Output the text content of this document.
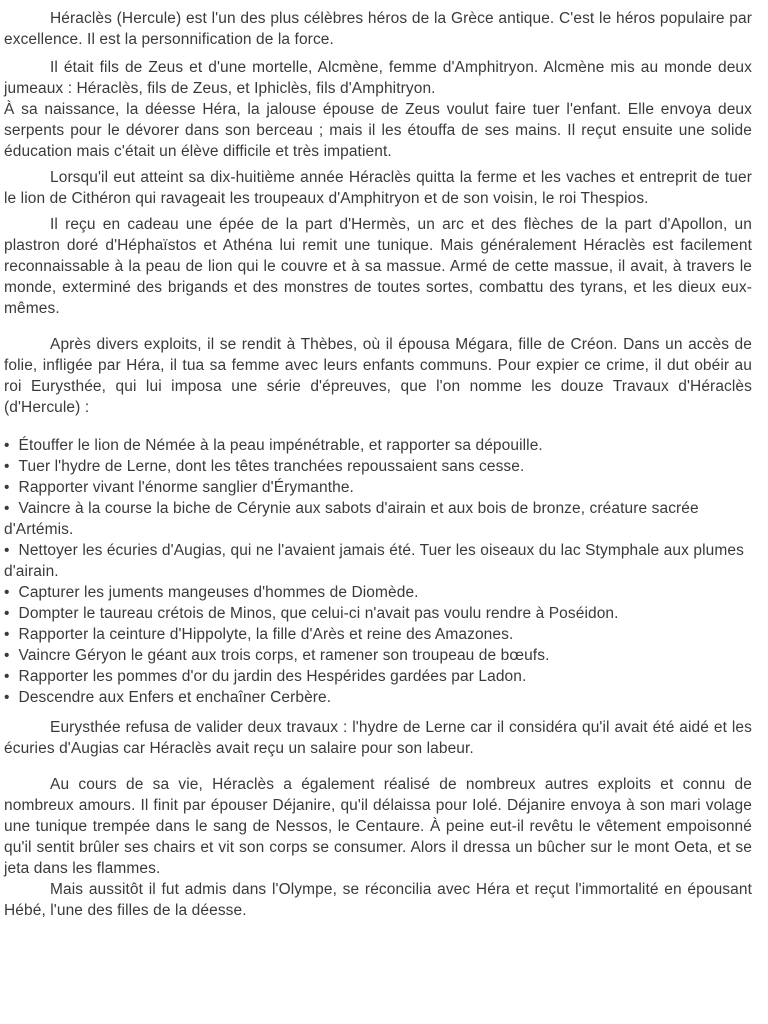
Héraclès (Hercule) est l'un des plus célèbres héros de la Grèce antique. C'est le héros populaire par excellence. Il est la personnification de la force.

Il était fils de Zeus et d'une mortelle, Alcmène, femme d'Amphitryon. Alcmène mis au monde deux jumeaux : Héraclès, fils de Zeus, et Iphiclès, fils d'Amphitryon.

À sa naissance, la déesse Héra, la jalouse épouse de Zeus voulut faire tuer l'enfant. Elle envoya deux serpents pour le dévorer dans son berceau ; mais il les étouffa de ses mains. Il reçut ensuite une solide éducation mais c'était un élève difficile et très impatient.

Lorsqu'il eut atteint sa dix-huitième année Héraclès quitta la ferme et les vaches et entreprit de tuer le lion de Cithéron qui ravageait les troupeaux d'Amphitryon et de son voisin, le roi Thespios.

Il reçu en cadeau une épée de la part d'Hermès, un arc et des flèches de la part d'Apollon, un plastron doré d'Héphaïstos et Athéna lui remit une tunique. Mais généralement Héraclès est facilement reconnaissable à la peau de lion qui le couvre et à sa massue. Armé de cette massue, il avait, à travers le monde, exterminé des brigands et des monstres de toutes sortes, combattu des tyrans, et les dieux eux-mêmes.

Après divers exploits, il se rendit à Thèbes, où il épousa Mégara, fille de Créon. Dans un accès de folie, infligée par Héra, il tua sa femme avec leurs enfants communs. Pour expier ce crime, il dut obéir au roi Eurysthée, qui lui imposa une série d'épreuves, que l'on nomme les douze Travaux d'Héraclès (d'Hercule) :

• Étouffer le lion de Némée à la peau impénétrable, et rapporter sa dépouille.

• Tuer l'hydre de Lerne, dont les têtes tranchées repoussaient sans cesse.

• Rapporter vivant l'énorme sanglier d'Érymanthe.

• Vaincre à la course la biche de Cérynie aux sabots d'airain et aux bois de bronze, créature sacrée d'Artémis.

• Nettoyer les écuries d'Augias, qui ne l'avaient jamais été. Tuer les oiseaux du lac Stymphale aux plumes d'airain.

• Capturer les juments mangeuses d'hommes de Diomède.

• Dompter le taureau crétois de Minos, que celui-ci n'avait pas voulu rendre à Poséidon.

• Rapporter la ceinture d'Hippolyte, la fille d'Arès et reine des Amazones.

• Vaincre Géryon le géant aux trois corps, et ramener son troupeau de bœufs.

• Rapporter les pommes d'or du jardin des Hespérides gardées par Ladon.

• Descendre aux Enfers et enchaîner Cerbère.

Eurysthée refusa de valider deux travaux : l'hydre de Lerne car il considéra qu'il avait été aidé et les écuries d'Augias car Héraclès avait reçu un salaire pour son labeur.

Au cours de sa vie, Héraclès a également réalisé de nombreux autres exploits et connu de nombreux amours. Il finit par épouser Déjanire, qu'il délaissa pour Iolé. Déjanire envoya à son mari volage une tunique trempée dans le sang de Nessos, le Centaure. À peine eut-il revêtu le vêtement empoisonné qu'il sentit brûler ses chairs et vit son corps se consumer. Alors il dressa un bûcher sur le mont Oeta, et se jeta dans les flammes.

Mais aussitôt il fut admis dans l'Olympe, se réconcilia avec Héra et reçut l'immortalité en épousant Hébé, l'une des filles de la déesse.
